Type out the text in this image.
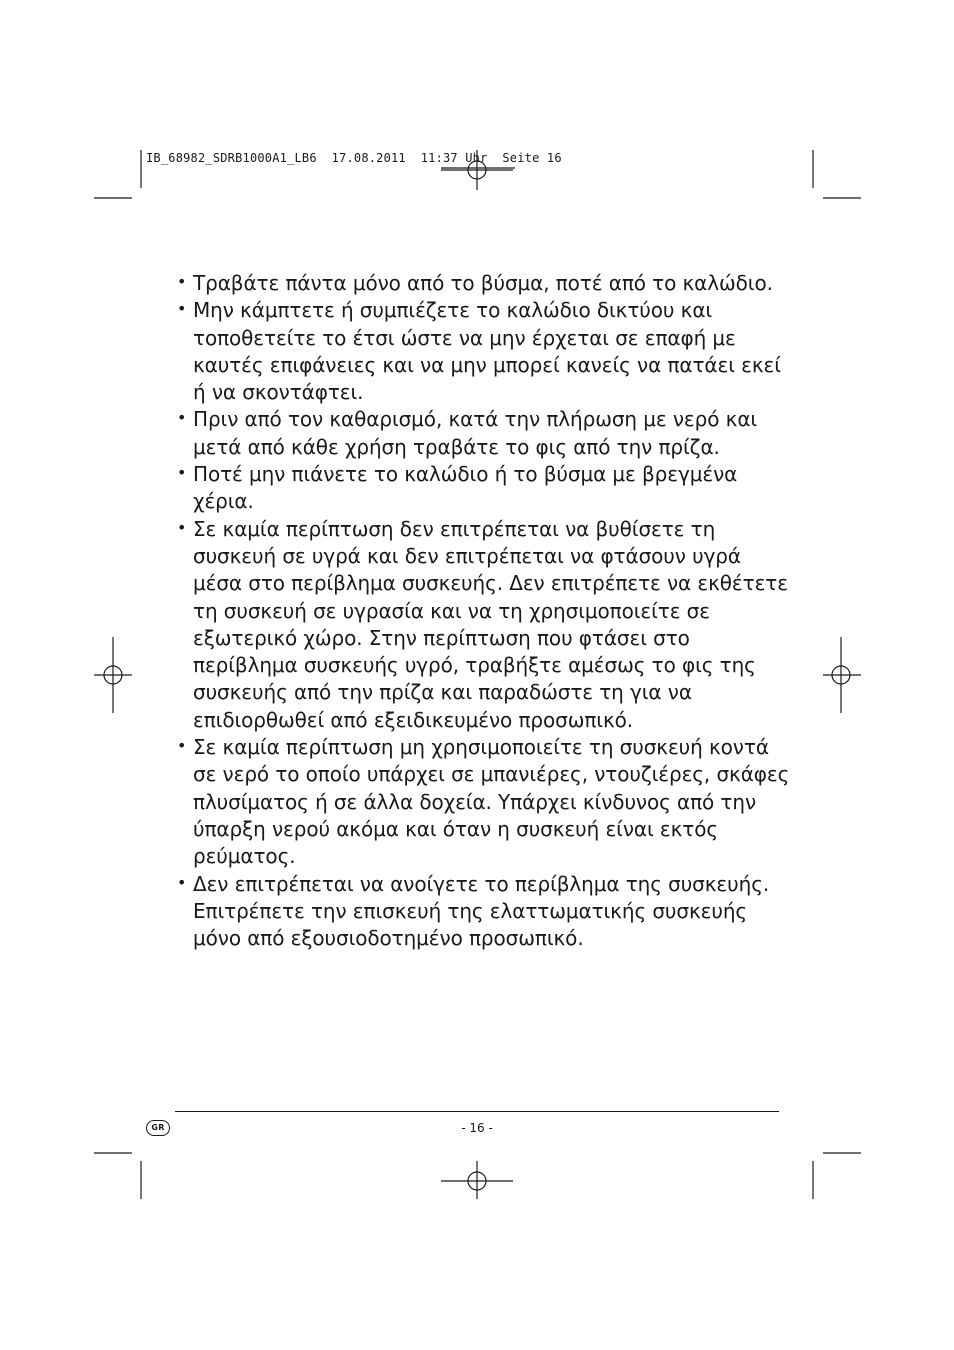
IB_68982_SDRB1000A1_LB6  17.08.2011  11:37 Uhr  Seite 16
• Τραβάτε πάντα μόνο από το βύσμα, ποτέ από το καλώδιο.
• Μην κάμπτετε ή συμπιέζετε το καλώδιο δικτύου και τοποθετείτε το έτσι ώστε να μην έρχεται σε επαφή με καυτές επιφάνειες και να μην μπορεί κανείς να πατάει εκεί ή να σκοντάφτει.
• Πριν από τον καθαρισμό, κατά την πλήρωση με νερό και μετά από κάθε χρήση τραβάτε το φις από την πρίζα.
• Ποτέ μην πιάνετε το καλώδιο ή το βύσμα με βρεγμένα χέρια.
• Σε καμία περίπτωση δεν επιτρέπεται να βυθίσετε τη συσκευή σε υγρά και δεν επιτρέπεται να φτάσουν υγρά μέσα στο περίβλημα συσκευής. Δεν επιτρέπετε να εκθέτετε τη συσκευή σε υγρασία και να τη χρησιμοποιείτε σε εξωτερικό χώρο. Στην περίπτωση που φτάσει στο περίβλημα συσκευής υγρό, τραβήξτε αμέσως το φις της συσκευής από την πρίζα και παραδώστε τη για να επιδιορθωθεί από εξειδικευμένο προσωπικό.
• Σε καμία περίπτωση μη χρησιμοποιείτε τη συσκευή κοντά σε νερό το οποίο υπάρχει σε μπανιέρες, ντουζιέρες, σκάφες πλυσίματος ή σε άλλα δοχεία. Υπάρχει κίνδυνος από την ύπαρξη νερού ακόμα και όταν η συσκευή είναι εκτός ρεύματος.
• Δεν επιτρέπεται να ανοίγετε το περίβλημα της συσκευής. Επιτρέπετε την επισκευή της ελαττωματικής συσκευής μόνο από εξουσιοδοτημένο προσωπικό.
GR	- 16 -
